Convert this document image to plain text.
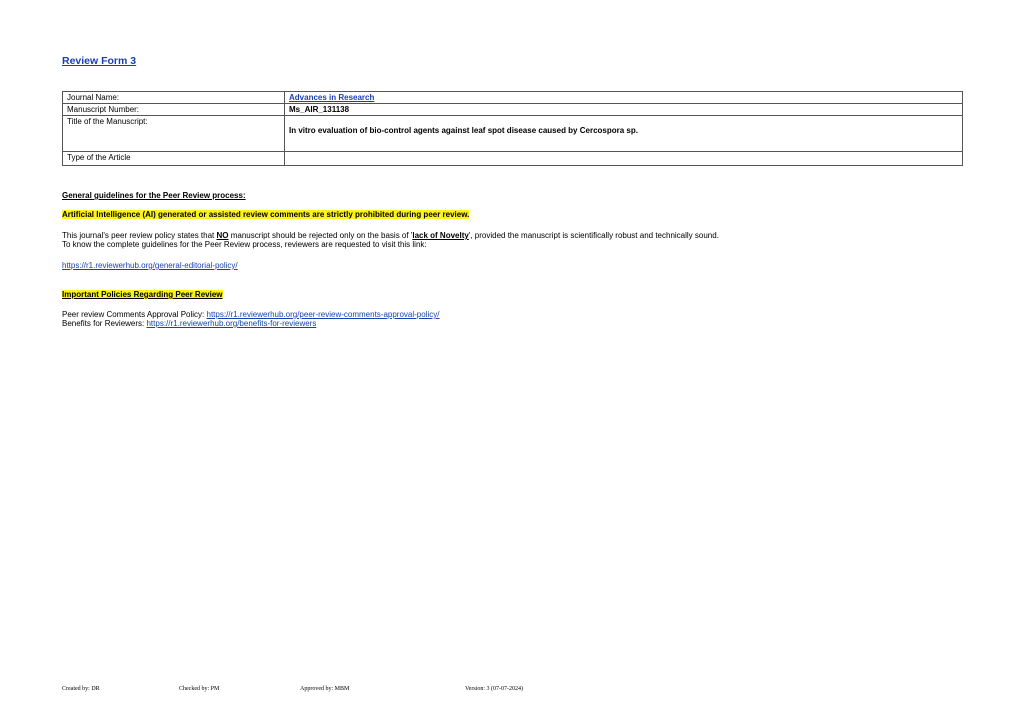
Review Form 3
Journal Name:	Advances in Research
Manuscript Number:	Ms_AIR_131138
Title of the Manuscript:	In vitro evaluation of bio-control agents against leaf spot disease caused by Cercospora sp.
Type of the Article	
General guidelines for the Peer Review process:
Artificial Intelligence (AI) generated or assisted review comments are strictly prohibited during peer review.
This journal's peer review policy states that NO manuscript should be rejected only on the basis of 'lack of Novelty', provided the manuscript is scientifically robust and technically sound.
To know the complete guidelines for the Peer Review process, reviewers are requested to visit this link:
https://r1.reviewerhub.org/general-editorial-policy/
Important Policies Regarding Peer Review
Peer review Comments Approval Policy: https://r1.reviewerhub.org/peer-review-comments-approval-policy/
Benefits for Reviewers: https://r1.reviewerhub.org/benefits-for-reviewers
Created by: DR	Checked by: PM	Approved by: MBM	Version: 3 (07-07-2024)
